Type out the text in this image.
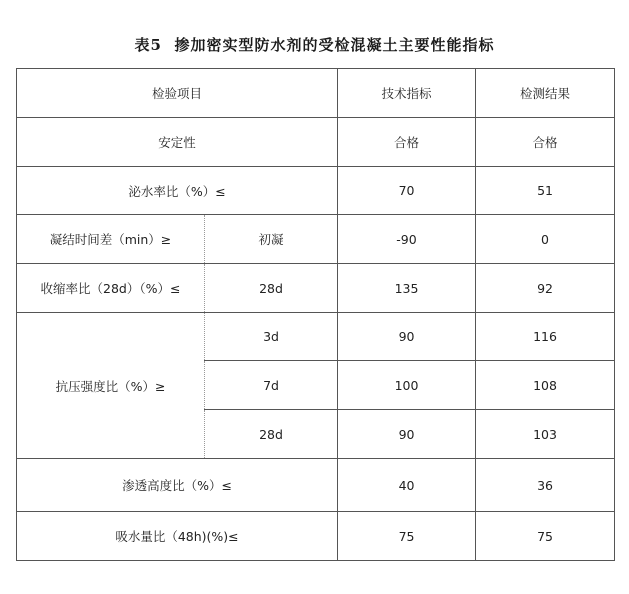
表5 掺加密实型防水剂的受检混凝土主要性能指标
检验项目		技术指标	检测结果
安定性		合格	合格
泌水率比（%）≤		70	51
凝结时间差（min）≥	初凝	-90	0
收缩率比（28d）（%）≤	28d	135	92
抗压强度比（%）≥	3d	90	116
	7d	100	108
	28d	90	103
渗透高度比（%）≤		40	36
吸水量比（48h)(%)≤		75	75
